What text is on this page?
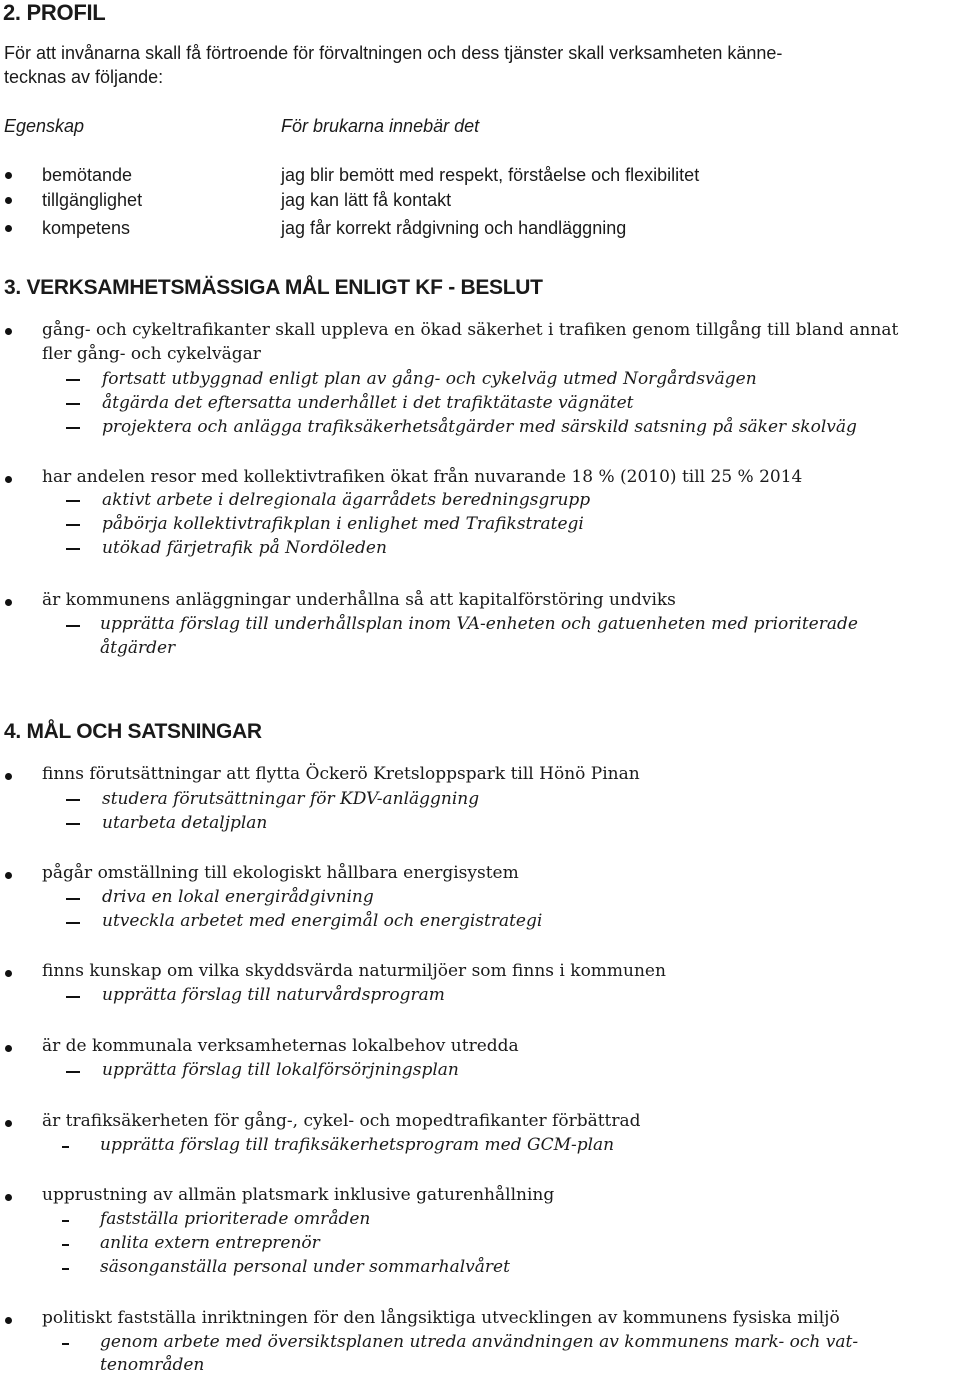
2. PROFIL
För att invånarna skall få förtroende för förvaltningen och dess tjänster skall verksamheten känne-
tecknas av följande:
Egenskap	För brukarna innebär det
bemötande	jag blir bemött med respekt, förståelse och flexibilitet
tillgänglighet	jag kan lätt få kontakt
kompetens	jag får korrekt rådgivning och handläggning
3. VERKSAMHETSMÄSSIGA MÅL ENLIGT KF - BESLUT
gång- och cykeltrafikanter skall uppleva en ökad säkerhet i trafiken genom tillgång till bland annat
fler gång- och cykelvägar
fortsatt utbyggnad enligt plan av gång- och cykelväg utmed Norgårdsvägen
åtgärda det eftersatta underhållet i det trafiktätaste vägnätet
projektera och anlägga trafiksäkerhetsåtgärder med särskild satsning på säker skolväg
har andelen resor med kollektivtrafiken ökat från nuvarande 18 % (2010) till 25 % 2014
aktivt arbete i delregionala ägarrådets beredningsgrupp
påbörja kollektivtrafikplan i enlighet med Trafikstrategi
utökad färjetrafik på Nordöleden
är kommunens anläggningar underhållna så att kapitalförstöring undviks
upprätta förslag till underhållsplan inom VA-enheten och gatuenheten med prioriterade
åtgärder
4. MÅL OCH SATSNINGAR
finns förutsättningar att flytta Öckerö Kretsloppspark till Hönö Pinan
studera förutsättningar för KDV-anläggning
utarbeta detaljplan
pågår omställning till ekologiskt hållbara energisystem
driva en lokal energirådgivning
utveckla arbetet med energimål och energistrategi
finns kunskap om vilka skyddsvärda naturmiljöer som finns i kommunen
upprätta förslag till naturvårdsprogram
är de kommunala verksamheternas lokalbehov utredda
upprätta förslag till lokalförsörjningsplan
är trafiksäkerheten för gång-, cykel- och mopedtrafikanter förbättrad
upprätta förslag till trafiksäkerhetsprogram med GCM-plan
upprustning av allmän platsmark inklusive gaturenhållning
fastställa prioriterade områden
anlita extern entreprenör
säsonganställa personal under sommarhalvåret
politiskt fastställa inriktningen för den långsiktiga utvecklingen av kommunens fysiska miljö
genom arbete med översiktsplanen utreda användningen av kommunens mark- och vat-
tenområden
